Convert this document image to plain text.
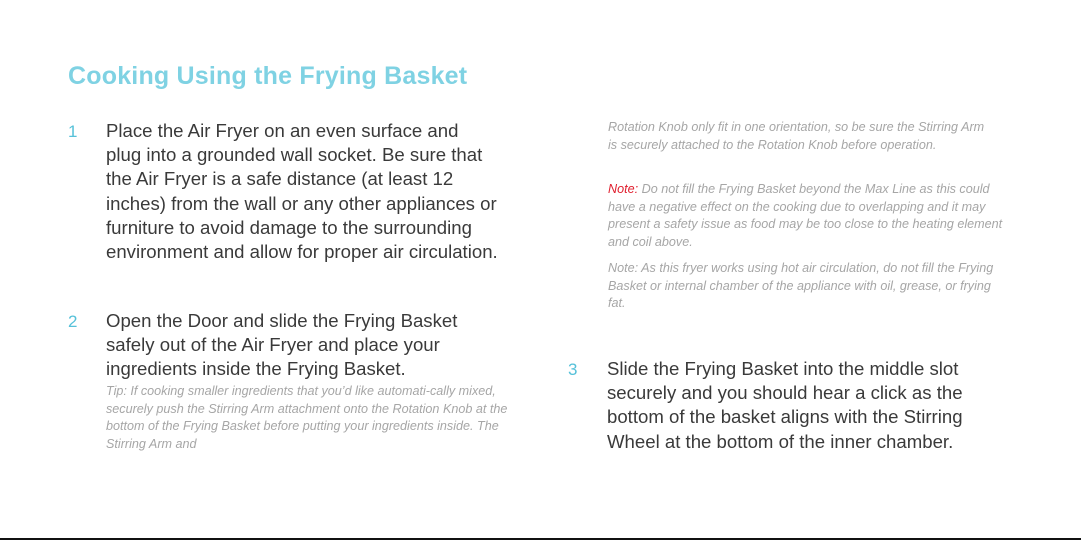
Cooking Using the Frying Basket
1 Place the Air Fryer on an even surface and plug into a grounded wall socket. Be sure that the Air Fryer is a safe distance (at least 12 inches) from the wall or any other appliances or furniture to avoid damage to the surrounding environment and allow for proper air circulation.

2 Open the Door and slide the Frying Basket safely out of the Air Fryer and place your ingredients inside the Frying Basket.

Tip: If cooking smaller ingredients that you’d like automati-cally mixed, securely push the Stirring Arm attachment onto the Rotation Knob at the bottom of the Frying Basket before putting your ingredients inside. The Stirring Arm and

Rotation Knob only fit in one orientation, so be sure the Stirring Arm is securely attached to the Rotation Knob before operation.

Note: Do not fill the Frying Basket beyond the Max Line as this could have a negative effect on the cooking due to overlapping and it may present a safety issue as food may be too close to the heating element and coil above.

Note: As this fryer works using hot air circulation, do not fill the Frying Basket or internal chamber of the appliance with oil, grease, or frying fat.

3 Slide the Frying Basket into the middle slot securely and you should hear a click as the bottom of the basket aligns with the Stirring Wheel at the bottom of the inner chamber.
